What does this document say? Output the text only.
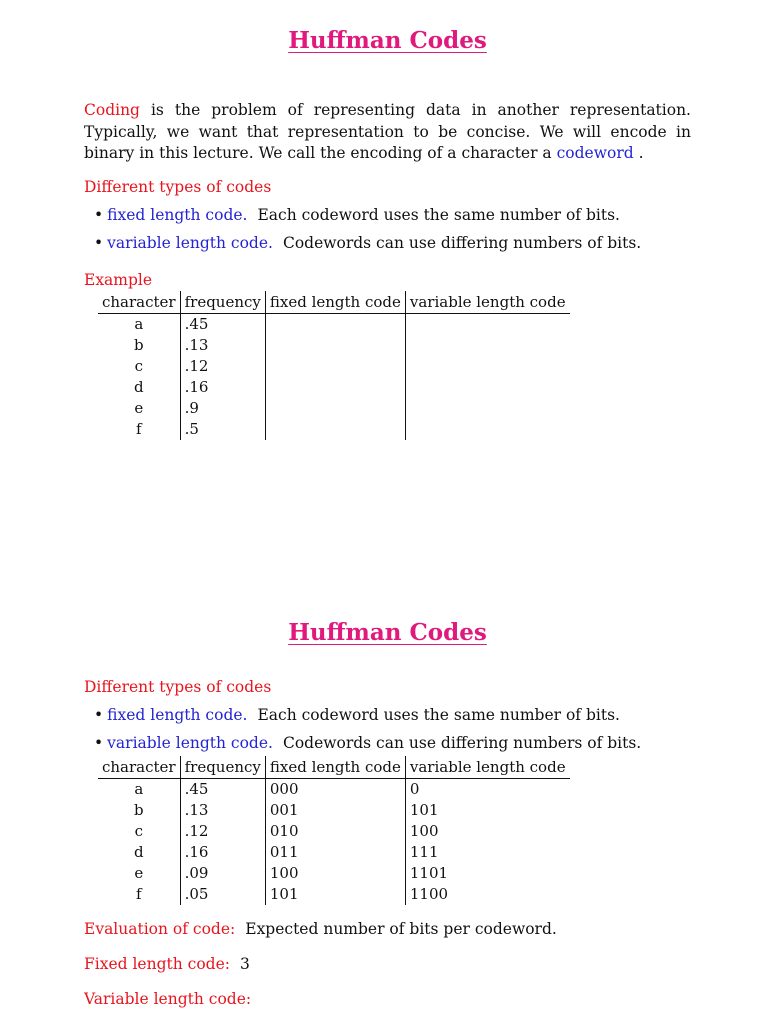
Huffman Codes

Coding is the problem of representing data in another representation. Typically, we want that representation to be concise. We will encode in binary in this lecture. We call the encoding of a character a codeword .

Different types of codes
• fixed length code. Each codeword uses the same number of bits.
• variable length code. Codewords can use differing numbers of bits.
Example
character	frequency	fixed length code	variable length code
a	.45		
b	.13		
c	.12		
d	.16		
e	.9		
f	.5		
Huffman Codes
Different types of codes
• fixed length code. Each codeword uses the same number of bits.
• variable length code. Codewords can use differing numbers of bits.
character	frequency	fixed length code	variable length code
a	.45	000	0
b	.13	001	101
c	.12	010	100
d	.16	011	111
e	.09	100	1101
f	.05	101	1100
Evaluation of code: Expected number of bits per codeword.
Fixed length code: 3
Variable length code:
